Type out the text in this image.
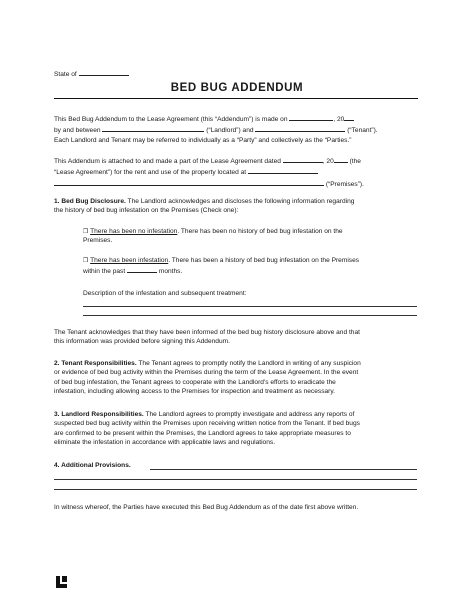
State of
BED BUG ADDENDUM

This Bed Bug Addendum to the Lease Agreement (this “Addendum”) is made on	, 20

by and between	(“Landlord”) and	(“Tenant”).

Each Landlord and Tenant may be referred to individually as a “Party” and collectively as the “Parties.”

This Addendum is attached to and made a part of the Lease Agreement dated	, 20 (the

“Lease Agreement”) for the rent and use of the property located at

(“Premises”).

1. Bed Bug Disclosure. The Landlord acknowledges and discloses the following information regarding

the history of bed bug infestation on the Premises (Check one):

❒ There has been no infestation. There has been no history of bed bug infestation on the

Premises.

❒ There has been infestation. There has been a history of bed bug infestation on the Premises

within the past	months.

Description of the infestation and subsequent treatment:

The Tenant acknowledges that they have been informed of the bed bug history disclosure above and that

this information was provided before signing this Addendum.

2. Tenant Responsibilities. The Tenant agrees to promptly notify the Landlord in writing of any suspicion

or evidence of bed bug activity within the Premises during the term of the Lease Agreement. In the event

of bed bug infestation, the Tenant agrees to cooperate with the Landlord's efforts to eradicate the

infestation, including allowing access to the Premises for inspection and treatment as necessary.

3. Landlord Responsibilities. The Landlord agrees to promptly investigate and address any reports of

suspected bed bug activity within the Premises upon receiving written notice from the Tenant. If bed bugs

are confirmed to be present within the Premises, the Landlord agrees to take appropriate measures to

eliminate the infestation in accordance with applicable laws and regulations.

4. Additional Provisions.

In witness whereof, the Parties have executed this Bed Bug Addendum as of the date first above written.
